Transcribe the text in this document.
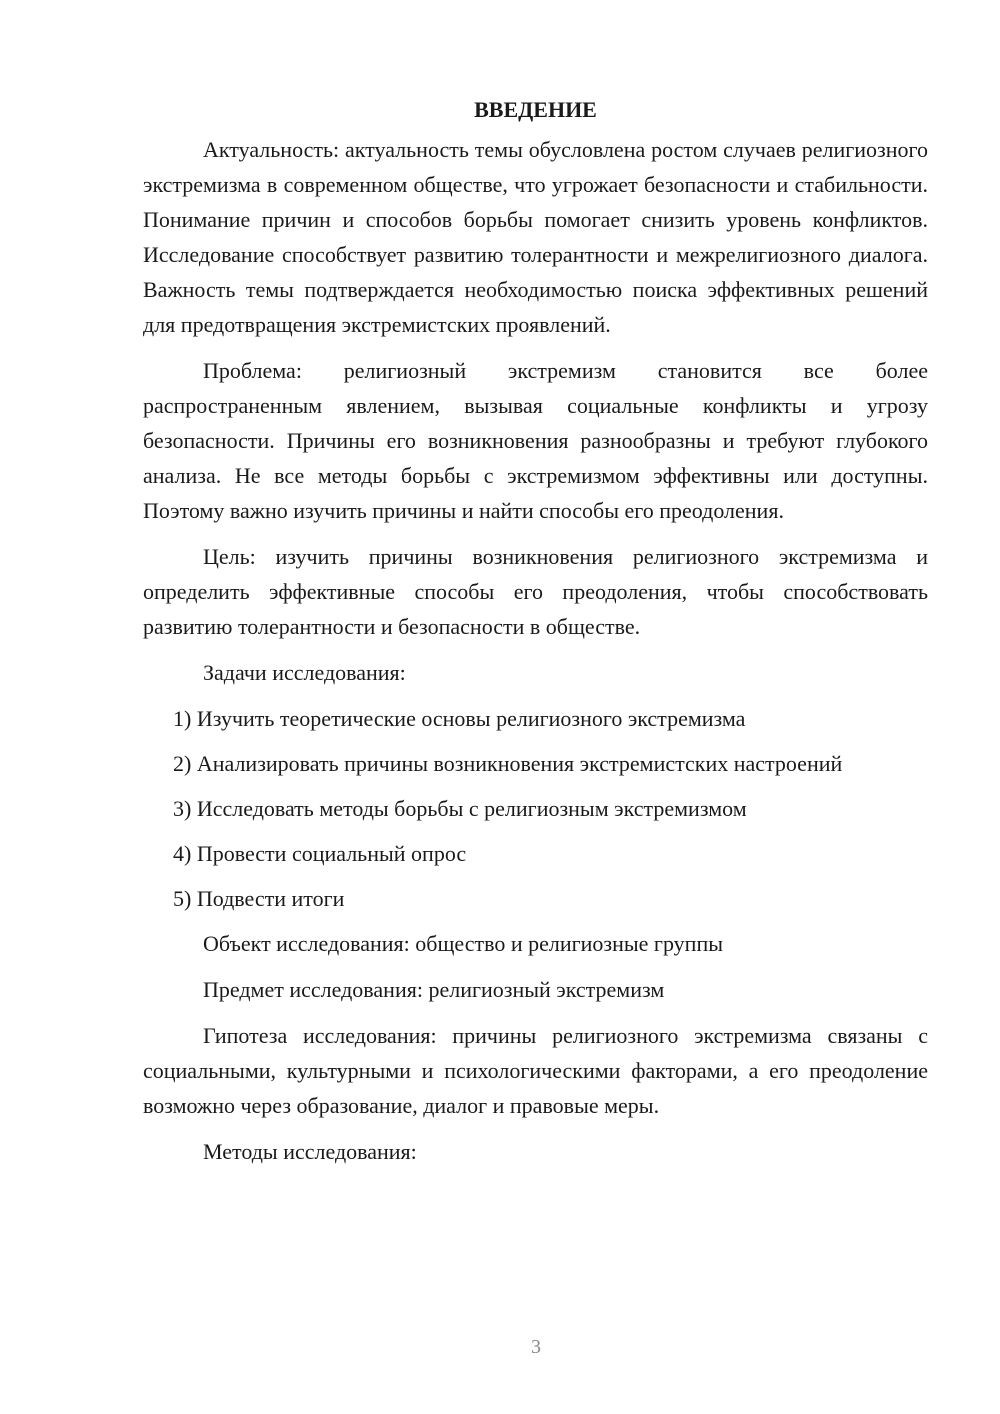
ВВЕДЕНИЕ

Актуальность: актуальность темы обусловлена ростом случаев религиозного экстремизма в современном обществе, что угрожает безопасности и стабильности. Понимание причин и способов борьбы помогает снизить уровень конфликтов. Исследование способствует развитию толерантности и межрелигиозного диалога. Важность темы подтверждается необходимостью поиска эффективных решений для предотвращения экстремистских проявлений.

Проблема: религиозный экстремизм становится все более распространенным явлением, вызывая социальные конфликты и угрозу безопасности. Причины его возникновения разнообразны и требуют глубокого анализа. Не все методы борьбы с экстремизмом эффективны или доступны. Поэтому важно изучить причины и найти способы его преодоления.

Цель: изучить причины возникновения религиозного экстремизма и определить эффективные способы его преодоления, чтобы способствовать развитию толерантности и безопасности в обществе.

Задачи исследования:

1) Изучить теоретические основы религиозного экстремизма

2) Анализировать причины возникновения экстремистских настроений

3) Исследовать методы борьбы с религиозным экстремизмом

4) Провести социальный опрос

5) Подвести итоги

Объект исследования: общество и религиозные группы

Предмет исследования: религиозный экстремизм

Гипотеза исследования: причины религиозного экстремизма связаны с социальными, культурными и психологическими факторами, а его преодоление возможно через образование, диалог и правовые меры.

Методы исследования:

3
